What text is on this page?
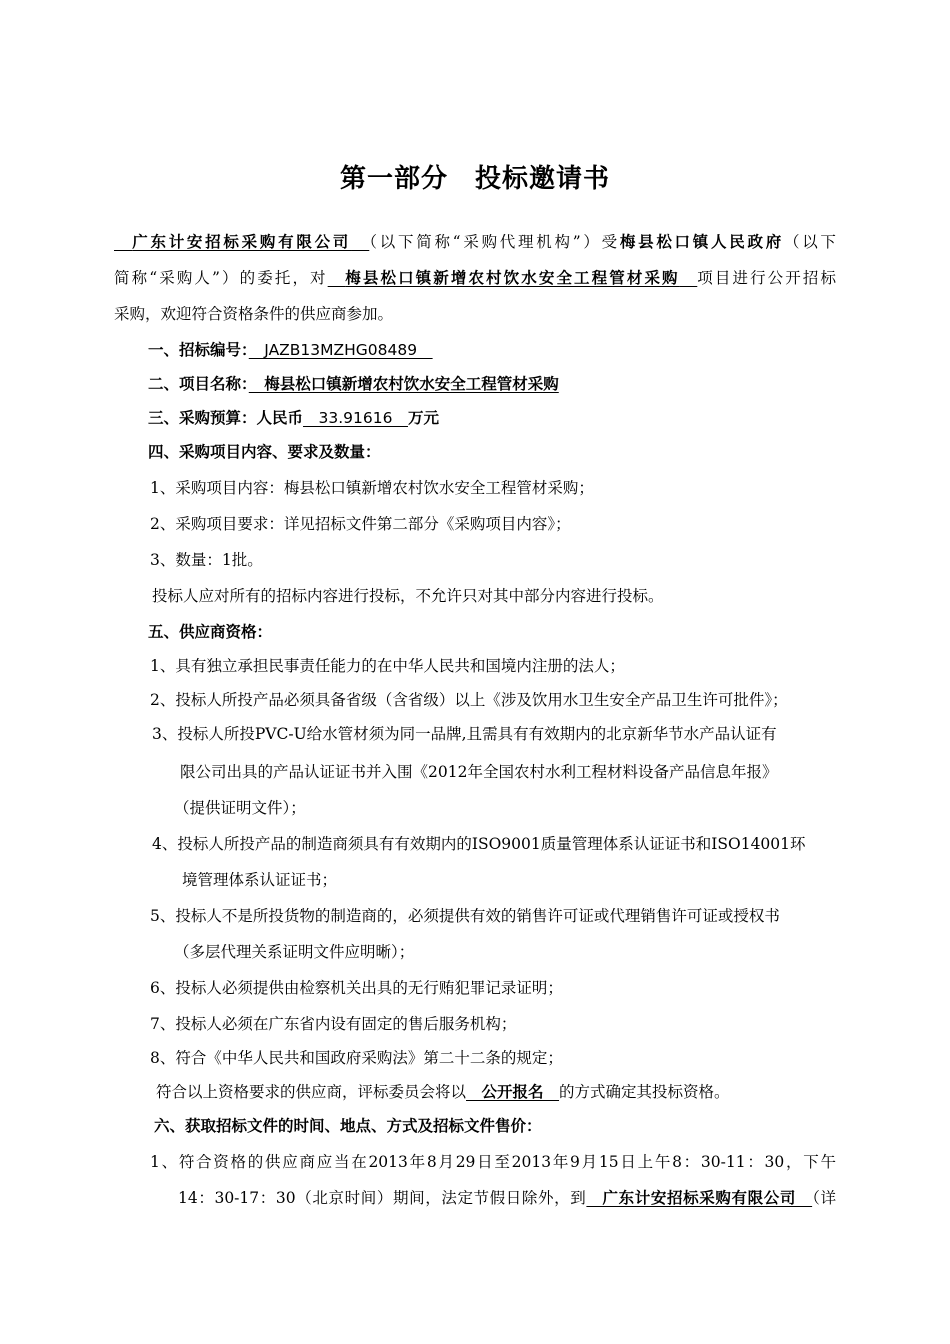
第一部分　投标邀请书
　广东计安招标采购有限公司　 （以下简称“采购代理机构”）受梅县松口镇人民政府（以下
简称“采购人”）的委托，对　 梅县松口镇新增农村饮水安全工程管材采购　 项目进行公开招标
采购，欢迎符合资格条件的供应商参加。
一、招标编号：　JAZB13MZHG08489　
二、项目名称：　梅县松口镇新增农村饮水安全工程管材采购
三、采购预算：人民币　33.91616　万元
四、采购项目内容、要求及数量：
1、采购项目内容：梅县松口镇新增农村饮水安全工程管材采购；
2、采购项目要求：详见招标文件第二部分《采购项目内容》；
3、数量：1批。
投标人应对所有的招标内容进行投标，不允许只对其中部分内容进行投标。
五、供应商资格：
1、具有独立承担民事责任能力的在中华人民共和国境内注册的法人；
2、投标人所投产品必须具备省级（含省级）以上《涉及饮用水卫生安全产品卫生许可批件》；
3、投标人所投PVC-U给水管材须为同一品牌,且需具有有效期内的北京新华节水产品认证有
限公司出具的产品认证证书并入围《2012年全国农村水利工程材料设备产品信息年报》
（提供证明文件）；
4、投标人所投产品的制造商须具有有效期内的ISO9001质量管理体系认证证书和ISO14001环
境管理体系认证证书；
5、投标人不是所投货物的制造商的，必须提供有效的销售许可证或代理销售许可证或授权书
（多层代理关系证明文件应明晰）；
6、投标人必须提供由检察机关出具的无行贿犯罪记录证明；
7、投标人必须在广东省内设有固定的售后服务机构；
8、符合《中华人民共和国政府采购法》第二十二条的规定；
符合以上资格要求的供应商，评标委员会将以　公开报名　的方式确定其投标资格。
六、获取招标文件的时间、地点、方式及招标文件售价：
1、符合资格的供应商应当在2013年8月29日至2013年9月15日上午8：30-11：30，下午
14：30-17：30（北京时间）期间，法定节假日除外，到　广东计安招标采购有限公司　（详
